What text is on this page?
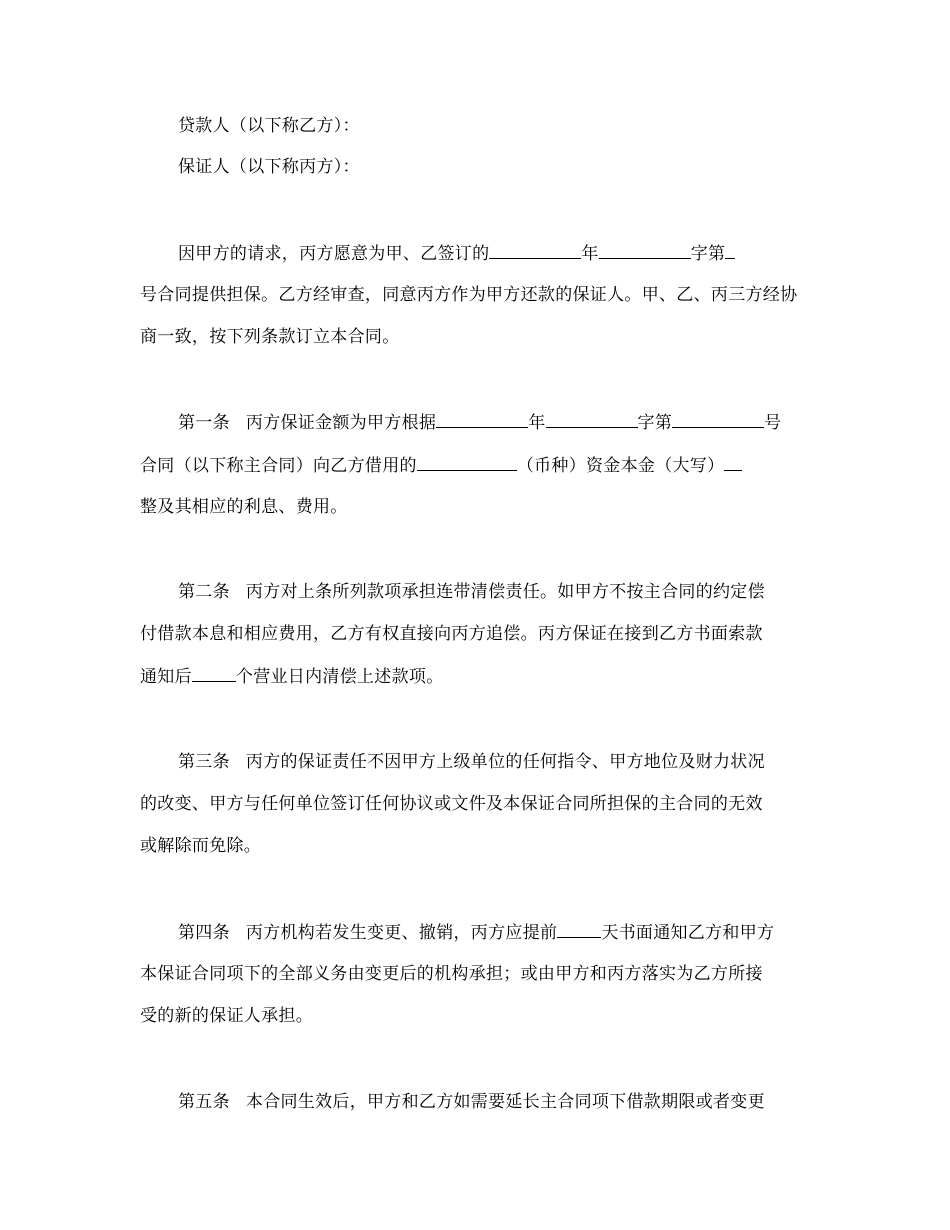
贷款人（以下称乙方）：
保证人（以下称丙方）：
因甲方的请求，丙方愿意为甲、乙签订的	年	字第
号合同提供担保。乙方经审查，同意丙方作为甲方还款的保证人。甲、乙、丙三方经协
商一致，按下列条款订立本合同。
第一条 丙方保证金额为甲方根据	年	字第	号
合同（以下称主合同）向乙方借用的	（币种）资金本金（大写）
整及其相应的利息、费用。
第二条 丙方对上条所列款项承担连带清偿责任。如甲方不按主合同的约定偿
付借款本息和相应费用，乙方有权直接向丙方追偿。丙方保证在接到乙方书面索款
通知后	个营业日内清偿上述款项。
第三条 丙方的保证责任不因甲方上级单位的任何指令、甲方地位及财力状况
的改变、甲方与任何单位签订任何协议或文件及本保证合同所担保的主合同的无效
或解除而免除。
第四条 丙方机构若发生变更、撤销，丙方应提前	天书面通知乙方和甲方
本保证合同项下的全部义务由变更后的机构承担；或由甲方和丙方落实为乙方所接
受的新的保证人承担。
第五条 本合同生效后，甲方和乙方如需要延长主合同项下借款期限或者变更
